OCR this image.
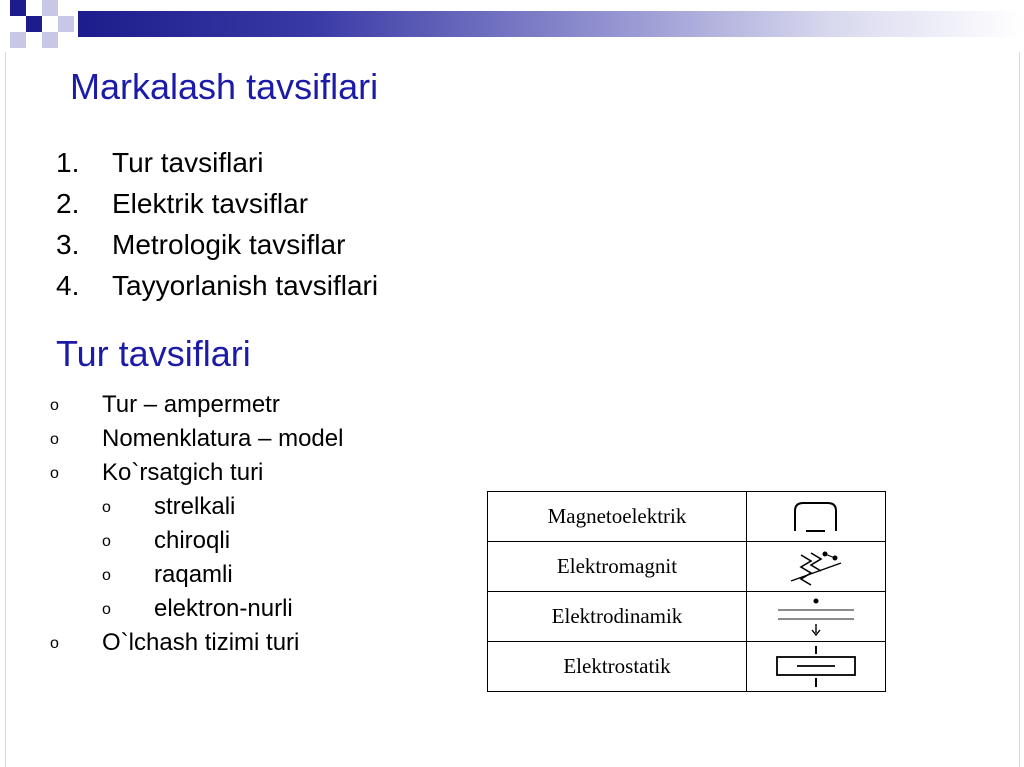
Markalash tavsiflari
1. Tur tavsiflari
2. Elektrik tavsiflar
3. Metrologik tavsiflar
4. Tayyorlanish tavsiflari
Tur tavsiflari
o Tur – ampermetr
o Nomenklatura – model
o Ko`rsatgich turi
o strelkali
o chiroqli
o raqamli
o elektron-nurli
o O`lchash tizimi turi
Magnetoelektrik	

Elektromagnit	

Elektrodinamik	

Elektrostatik	
